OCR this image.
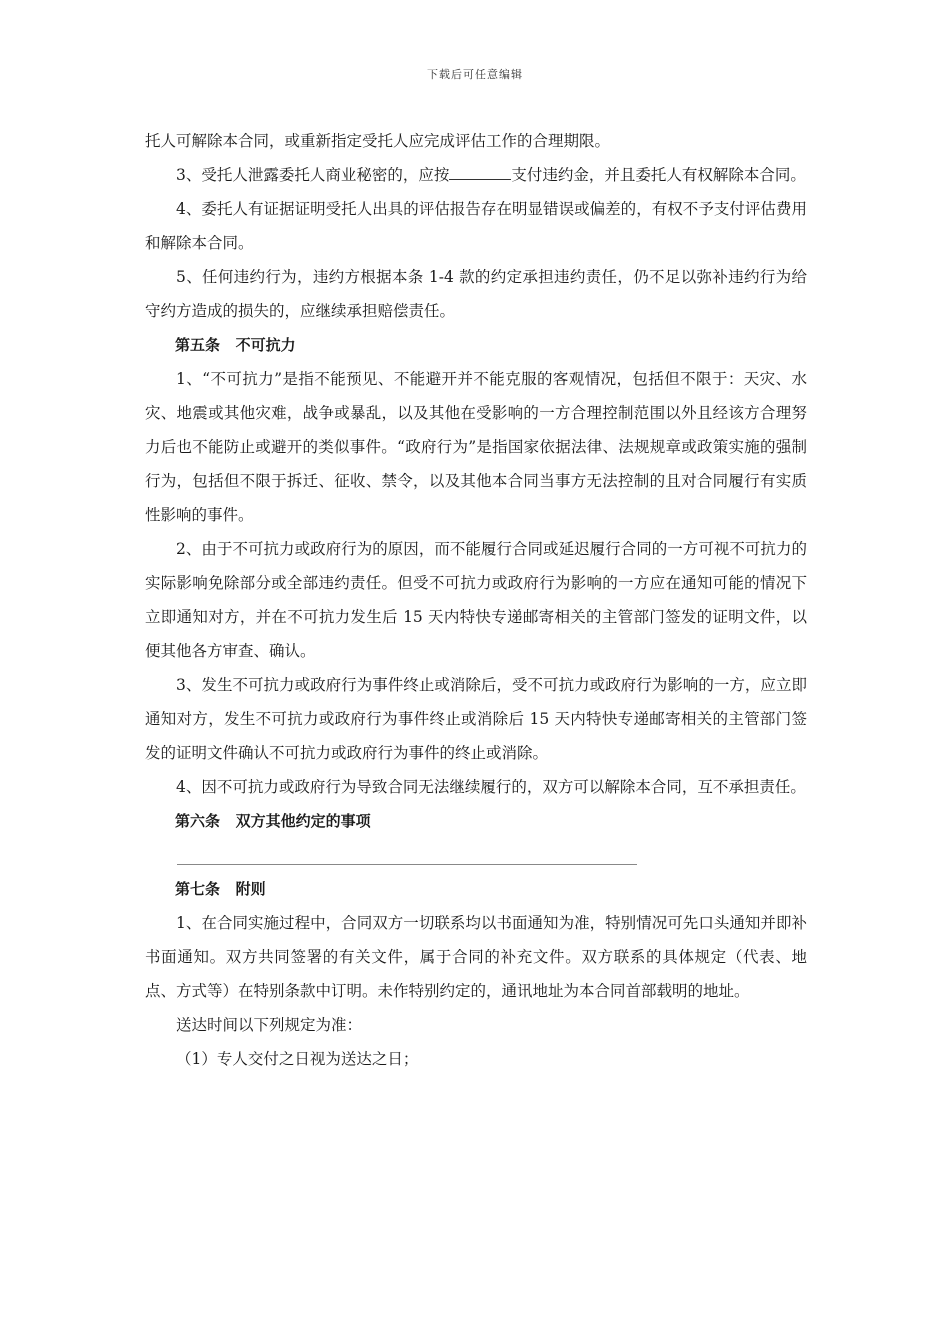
下载后可任意编辑

托人可解除本合同，或重新指定受托人应完成评估工作的合理期限。

3、受托人泄露委托人商业秘密的，应按	支付违约金，并且委托人有权解除本合同。

4、委托人有证据证明受托人出具的评估报告存在明显错误或偏差的，有权不予支付评估费用和解除本合同。

5、任何违约行为，违约方根据本条 1-4 款的约定承担违约责任，仍不足以弥补违约行为给守约方造成的损失的，应继续承担赔偿责任。

第五条   不可抗力

1、“不可抗力”是指不能预见、不能避开并不能克服的客观情况，包括但不限于：天灾、水灾、地震或其他灾难，战争或暴乱，以及其他在受影响的一方合理控制范围以外且经该方合理努力后也不能防止或避开的类似事件。“政府行为”是指国家依据法律、法规规章或政策实施的强制行为，包括但不限于拆迁、征收、禁令，以及其他本合同当事方无法控制的且对合同履行有实质性影响的事件。

2、由于不可抗力或政府行为的原因，而不能履行合同或延迟履行合同的一方可视不可抗力的实际影响免除部分或全部违约责任。但受不可抗力或政府行为影响的一方应在通知可能的情况下立即通知对方，并在不可抗力发生后 15 天内特快专递邮寄相关的主管部门签发的证明文件，以便其他各方审查、确认。

3、发生不可抗力或政府行为事件终止或消除后，受不可抗力或政府行为影响的一方，应立即通知对方，发生不可抗力或政府行为事件终止或消除后 15 天内特快专递邮寄相关的主管部门签发的证明文件确认不可抗力或政府行为事件的终止或消除。

4、因不可抗力或政府行为导致合同无法继续履行的，双方可以解除本合同，互不承担责任。

第六条   双方其他约定的事项

第七条   附则

1、在合同实施过程中，合同双方一切联系均以书面通知为准，特别情况可先口头通知并即补书面通知。双方共同签署的有关文件，属于合同的补充文件。双方联系的具体规定（代表、地点、方式等）在特别条款中订明。未作特别约定的，通讯地址为本合同首部载明的地址。

送达时间以下列规定为准：

（1）专人交付之日视为送达之日；
